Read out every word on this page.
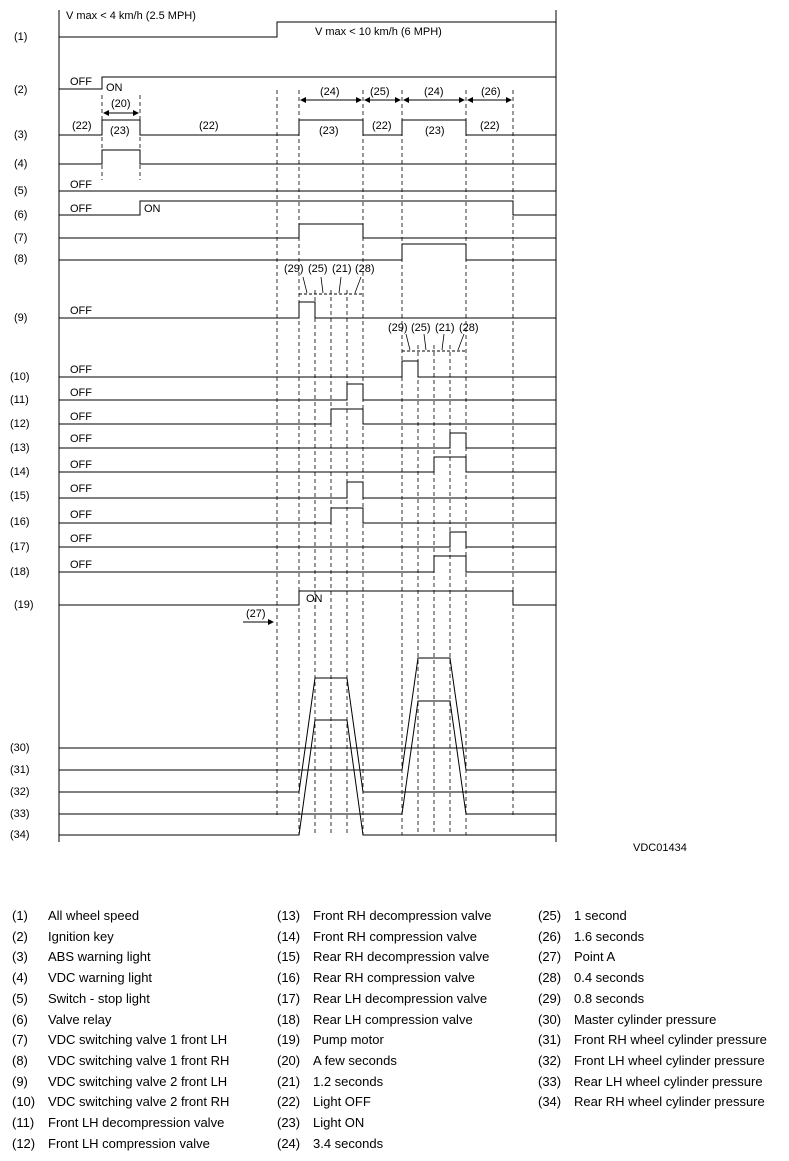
(1)
(2)
(3)
(4)
(5)
(6)
(7)
(8)
(9)
(10)
(11)
(12)
(13)
(14)
(15)
(16)
(17)
(18)
(19)
(30)
(31)
(32)
(33)
(34)
V max < 4 km/h (2.5 MPH)
V max < 10 km/h (6 MPH)
OFF ON
(20)
(24)	(25)	(24)	(26)
(22) (23)	(22)	(23)	(22)	(23)	(22)
OFF
OFF	ON
(29) (25) (21) (28)
OFF
(29) (25) (21) (28)
OFF
OFF
OFF
OFF
OFF
OFF
OFF
OFF
OFF
ON
(27)
VDC01434
(1)	All wheel speed
(2)	Ignition key
(3)	ABS warning light
(4)	VDC warning light
(5)	Switch - stop light
(6)	Valve relay
(7)	VDC switching valve 1 front LH
(8)	VDC switching valve 1 front RH
(9)	VDC switching valve 2 front LH
(10) VDC switching valve 2 front RH
(11)	Front LH decompression valve
(12) Front LH compression valve
(13) Front RH decompression valve
(14) Front RH compression valve
(15) Rear RH decompression valve
(16) Rear RH compression valve
(17) Rear LH decompression valve
(18) Rear LH compression valve
(19) Pump motor
(20) A few seconds
(21) 1.2 seconds
(22) Light OFF
(23) Light ON
(24) 3.4 seconds
(25) 1 second
(26) 1.6 seconds
(27) Point A
(28) 0.4 seconds
(29) 0.8 seconds
(30) Master cylinder pressure
(31) Front RH wheel cylinder pressure
(32) Front LH wheel cylinder pressure
(33) Rear LH wheel cylinder pressure
(34) Rear RH wheel cylinder pressure
